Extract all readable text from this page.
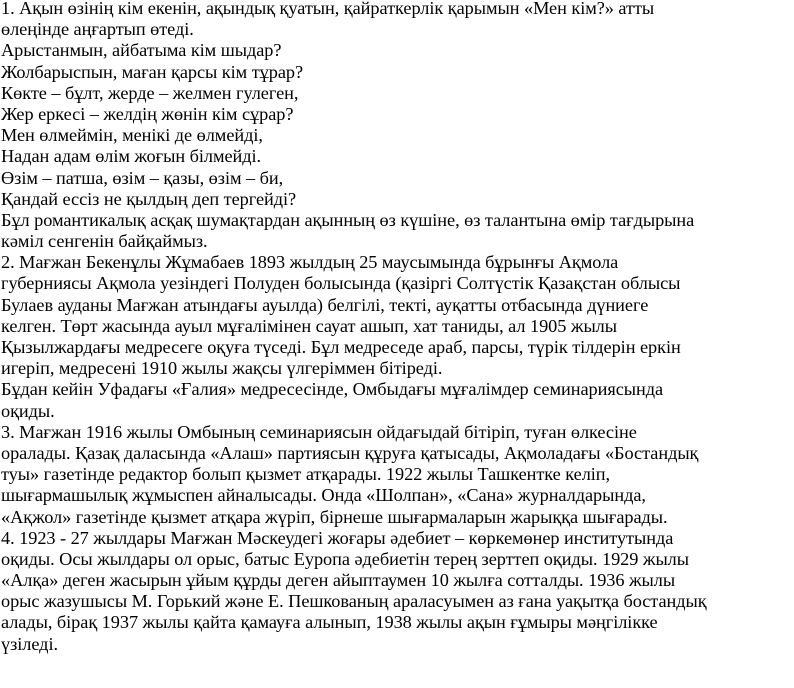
1. Ақын өзінің кім екенін, ақындық қуатын, қайраткерлік қарымын «Мен кім?» атты
өлеңінде аңғартып өтеді.
Арыстанмын, айбатыма кім шыдар?
Жолбарыспын, маған қарсы кім тұрар?
Көкте – бұлт, жерде – желмен гулеген,
Жер еркесі – желдің жөнін кім сұрар?
Мен өлмеймін, менікі де өлмейді,
Надан адам өлім жоғын білмейді.
Өзім – патша, өзім – қазы, өзім – би,
Қандай ессіз не қылдың деп тергейді?
Бұл романтикалық асқақ шумақтардан ақынның өз күшіне, өз талантына өмір тағдырына
кәміл сенгенін байқаймыз.
2. Мағжан Бекенұлы Жұмабаев 1893 жылдың 25 маусымында бұрынғы Ақмола
губерниясы Ақмола уезіндегі Полуден болысында (қазіргі Солтүстік Қазақстан облысы
Булаев ауданы Мағжан атындағы ауылда) белгілі, текті, ауқатты отбасында дүниеге
келген. Төрт жасында ауыл мұғалімінен сауат ашып, хат таниды, ал 1905 жылы
Қызылжардағы медресеге оқуға түседі. Бұл медреседе араб, парсы, түрік тілдерін еркін
игеріп, медресені 1910 жылы жақсы үлгеріммен бітіреді.
Бұдан кейін Уфадағы «Ғалия» медресесінде, Омбыдағы мұғалімдер семинариясында
оқиды.
3. Мағжан 1916 жылы Омбының семинариясын ойдағыдай бітіріп, туған өлкесіне
оралады. Қазақ даласында «Алаш» партиясын құруға қатысады, Ақмоладағы «Бостандық
туы» газетінде редактор болып қызмет атқарады. 1922 жылы Ташкентке келіп,
шығармашылық жұмыспен айналысады. Онда «Шолпан», «Сана» журналдарында,
«Ақжол» газетінде қызмет атқара жүріп, бірнеше шығармаларын жарыққа шығарады.
4. 1923 - 27 жылдары Мағжан Мәскеудегі жоғары әдебиет – көркемөнер институтында
оқиды. Осы жылдары ол орыс, батыс Еуропа әдебиетін терең зерттеп оқиды. 1929 жылы
«Алқа» деген жасырын ұйым құрды деген айыптаумен 10 жылға сотталды. 1936 жылы
орыс жазушысы М. Горький және Е. Пешкованың араласуымен аз ғана уақытқа бостандық
алады, бірақ 1937 жылы қайта қамауға алынып, 1938 жылы ақын ғұмыры мәңгілікке
үзіледі.
